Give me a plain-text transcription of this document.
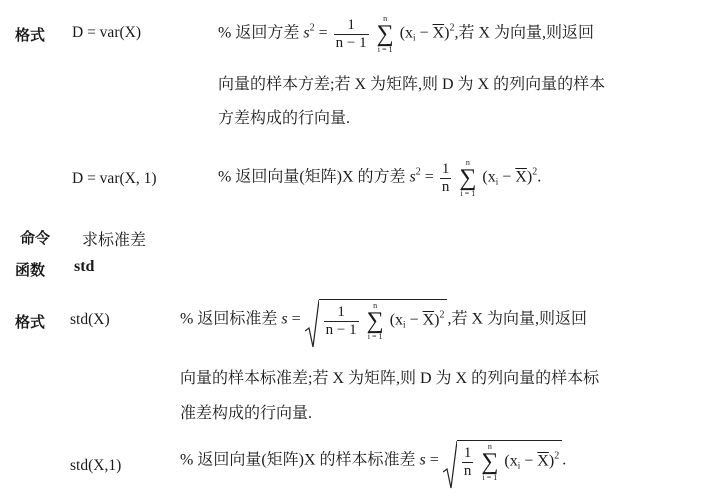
格式 D = var(X)	% 返回方差 $s^2 = \frac{1}{n - 1}$
	n
∑
i = 1
$(x_i - \overline{X})^2$,若 X 为向量,则返回
向量的样本方差;若 X 为矩阵,则 D 为 X 的列向量的样本
方差构成的行向量.
D = var(X, 1)	% 返回向量(矩阵)X 的方差 $s^2 = \frac{1}{n}$
	n
∑
i = 1
$(x_i - \overline{X})^2$.
命令 求标准差
函数 std
格式 std(X)	% 返回标准差 $s = \frac{1}{n - 1}$
	n
∑
i = 1
$(x_i - \overline{X})^2$ ,若 X 为向量,则返回
向量的样本标准差;若 X 为矩阵,则 D 为 X 的列向量的样本标
准差构成的行向量.
std(X,1)	% 返回向量(矩阵)X 的样本标准差 $s = \frac{1}{n}$
	n
∑
i = 1
$(x_i - \overline{X})^2$ .
